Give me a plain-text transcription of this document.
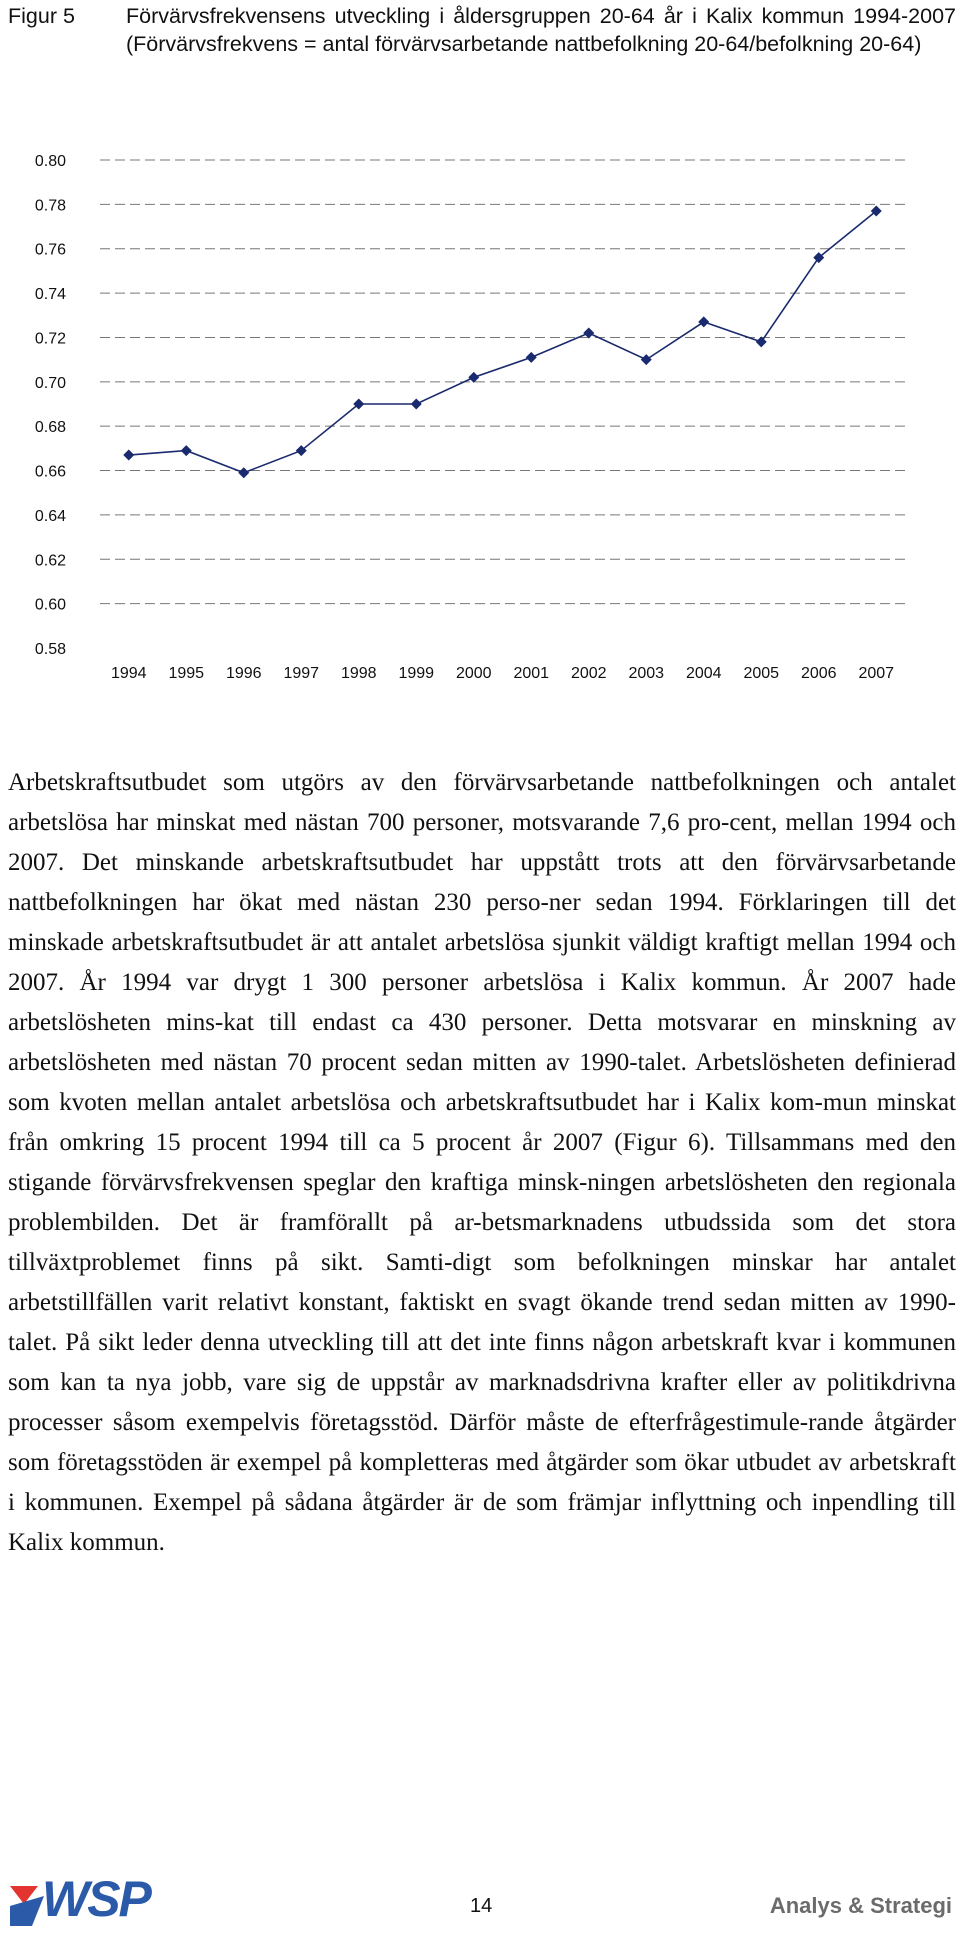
Figur 5 Förvärvsfrekvensens utveckling i åldersgruppen 20-64 år i Kalix kommun 1994-2007 (Förvärvsfrekvens = antal förvärvsarbetande nattbefolkning 20-64/befolkning 20-64)
0.58
0.60
0.62
0.64
0.66
0.68
0.70
0.72
0.74
0.76
0.78
0.80
1994 1995 1996 1997 1998 1999 2000 2001 2002 2003 2004 2005 2006 2007
Arbetskraftsutbudet som utgörs av den förvärvsarbetande nattbefolkningen och antalet arbetslösa har minskat med nästan 700 personer, motsvarande 7,6 pro-cent, mellan 1994 och 2007. Det minskande arbetskraftsutbudet har uppstått trots att den förvärvsarbetande nattbefolkningen har ökat med nästan 230 perso-ner sedan 1994. Förklaringen till det minskade arbetskraftsutbudet är att antalet arbetslösa sjunkit väldigt kraftigt mellan 1994 och 2007. År 1994 var drygt 1 300 personer arbetslösa i Kalix kommun. År 2007 hade arbetslösheten mins-kat till endast ca 430 personer. Detta motsvarar en minskning av arbetslösheten med nästan 70 procent sedan mitten av 1990-talet. Arbetslösheten definierad som kvoten mellan antalet arbetslösa och arbetskraftsutbudet har i Kalix kom-mun minskat från omkring 15 procent 1994 till ca 5 procent år 2007 (Figur 6). Tillsammans med den stigande förvärvsfrekvensen speglar den kraftiga minsk-ningen arbetslösheten den regionala problembilden. Det är framförallt på ar-betsmarknadens utbudssida som det stora tillväxtproblemet finns på sikt. Samti-digt som befolkningen minskar har antalet arbetstillfällen varit relativt konstant, faktiskt en svagt ökande trend sedan mitten av 1990-talet. På sikt leder denna utveckling till att det inte finns någon arbetskraft kvar i kommunen som kan ta nya jobb, vare sig de uppstår av marknadsdrivna krafter eller av politikdrivna processer såsom exempelvis företagsstöd. Därför måste de efterfrågestimule-rande åtgärder som företagsstöden är exempel på kompletteras med åtgärder som ökar utbudet av arbetskraft i kommunen. Exempel på sådana åtgärder är de som främjar inflyttning och inpendling till Kalix kommun.
WSP	14	Analys & Strategi
